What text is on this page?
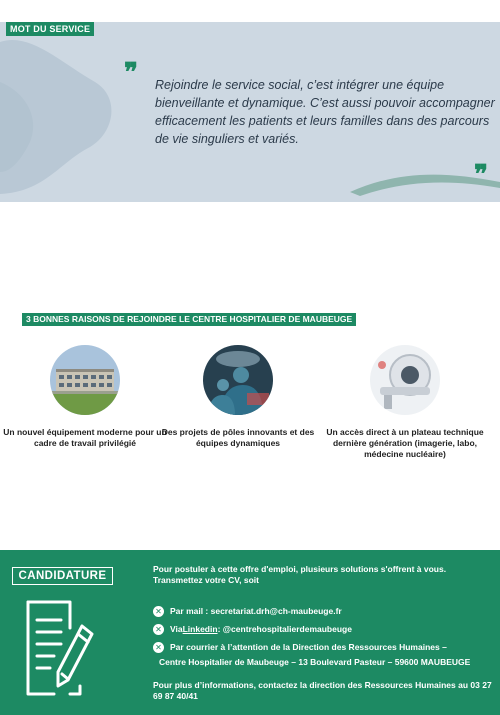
MOT DU SERVICE
❞ Rejoindre le service social, c’est intégrer une équipe bienveillante et dynamique. C’est aussi pouvoir accompagner efficacement les patients et leurs familles dans des parcours de vie singuliers et variés.
❞
3 BONNES RAISONS DE REJOINDRE LE CENTRE HOSPITALIER DE MAUBEUGE
Un nouvel équipement moderne pour un cadre de travail privilégié
Des projets de pôles innovants et des équipes dynamiques
Un accès direct à un plateau technique dernière génération (imagerie, labo, médecine nucléaire)
CANDIDATURE
Pour postuler à cette offre d'emploi, plusieurs solutions s'offrent à vous. Transmettez votre CV, soit
✕ Par mail : secretariat.drh@ch-maubeuge.fr
✕ Via Linkedin : @centrehospitalierdemaubeuge
✕ Par courrier à l’attention de la Direction des Ressources Humaines –
Centre Hospitalier de Maubeuge – 13 Boulevard Pasteur – 59600 MAUBEUGE
Pour plus d’informations, contactez la direction des Ressources Humaines au 03 27 69 87 40/41
